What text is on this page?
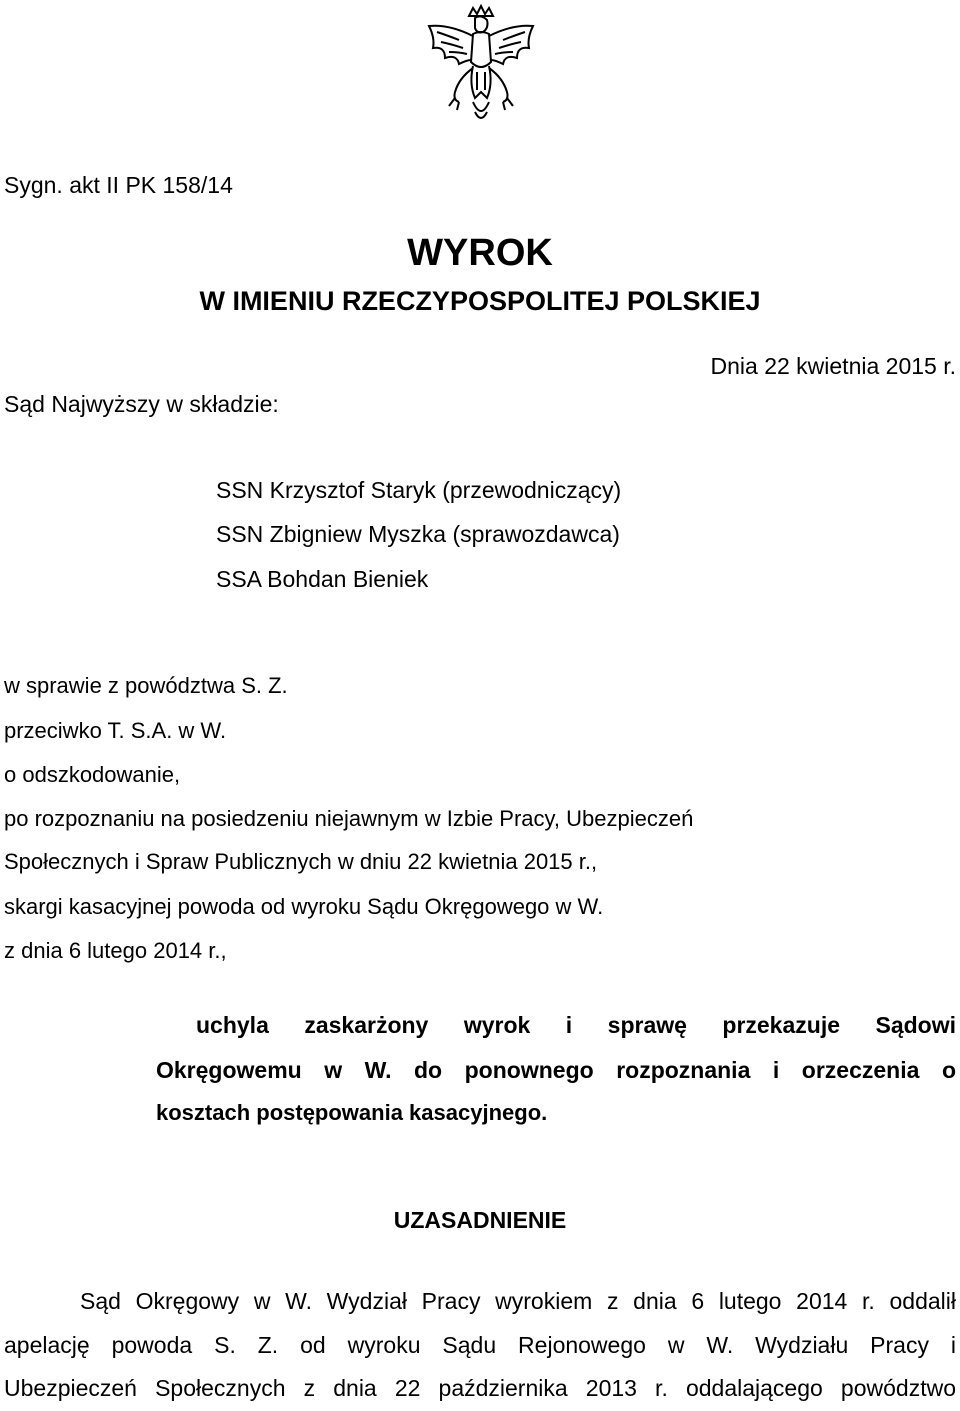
Sygn. akt II PK 158/14
WYROK
W IMIENIU RZECZYPOSPOLITEJ POLSKIEJ
Dnia 22 kwietnia 2015 r.
Sąd Najwyższy w składzie:
SSN Krzysztof Staryk (przewodniczący)
SSN Zbigniew Myszka (sprawozdawca)
SSA Bohdan Bieniek
w sprawie z powództwa S. Z.
przeciwko T. S.A. w W.
o odszkodowanie,
po rozpoznaniu na posiedzeniu niejawnym w Izbie Pracy, Ubezpieczeń
Społecznych i Spraw Publicznych w dniu 22 kwietnia 2015 r.,
skargi kasacyjnej powoda od wyroku Sądu Okręgowego w W.
z dnia 6 lutego 2014 r.,
uchyla zaskarżony wyrok i sprawę przekazuje Sądowi
Okręgowemu w W. do ponownego rozpoznania i orzeczenia o
kosztach postępowania kasacyjnego.
UZASADNIENIE
Sąd Okręgowy w W. Wydział Pracy wyrokiem z dnia 6 lutego 2014 r. oddalił
apelację powoda S. Z. od wyroku Sądu Rejonowego w W. Wydziału Pracy i
Ubezpieczeń Społecznych z dnia 22 października 2013 r. oddalającego powództwo
